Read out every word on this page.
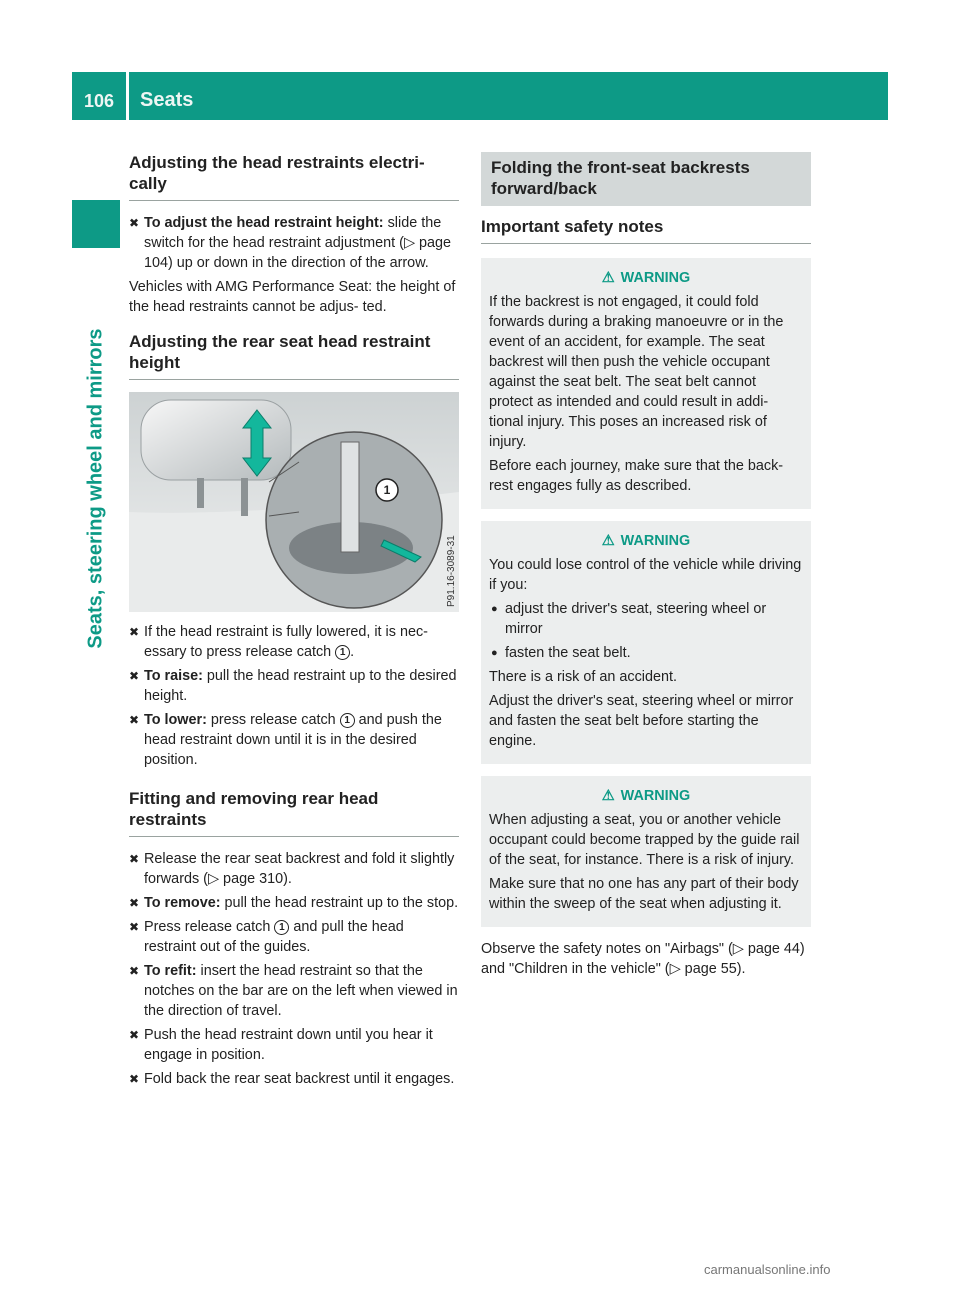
106	Seats
Seats, steering wheel and mirrors
Adjusting the head restraints electri-
cally
✖ To adjust the head restraint height: slide the switch for the head restraint adjustment (▷ page 104) up or down in the direction of the arrow.

Vehicles with AMG Performance Seat: the height of the head restraints cannot be adjus- ted.

Adjusting the rear seat head restraint
height
1
P91.16-3089-31
✖ If the head restraint is fully lowered, it is nec- essary to press release catch 1 .
✖ To raise: pull the head restraint up to the desired height.
✖ To lower: press release catch 1 and push the head restraint down until it is in the desired position.
Fitting and removing rear head
restraints
✖ Release the rear seat backrest and fold it slightly forwards (▷ page 310).
✖ To remove: pull the head restraint up to the stop.
✖ Press release catch 1 and pull the head restraint out of the guides.
✖ To refit: insert the head restraint so that the notches on the bar are on the left when viewed in the direction of travel.
✖ Push the head restraint down until you hear it engage in position.
✖ Fold back the rear seat backrest until it engages.
Folding the front-seat backrests
forward/back
Important safety notes
⚠ WARNING

If the backrest is not engaged, it could fold forwards during a braking manoeuvre or in the event of an accident, for example. The seat backrest will then push the vehicle occupant against the seat belt. The seat belt cannot protect as intended and could result in addi- tional injury. This poses an increased risk of injury.

Before each journey, make sure that the back- rest engages fully as described.

⚠ WARNING

You could lose control of the vehicle while driving if you:

● adjust the driver's seat, steering wheel or mirror
● fasten the seat belt.

There is a risk of an accident.

Adjust the driver's seat, steering wheel or mirror and fasten the seat belt before starting the engine.

⚠ WARNING

When adjusting a seat, you or another vehicle occupant could become trapped by the guide rail of the seat, for instance. There is a risk of injury.

Make sure that no one has any part of their body within the sweep of the seat when adjusting it.

Observe the safety notes on "Airbags" (▷ page 44) and "Children in the vehicle" (▷ page 55).

carmanualsonline.info
